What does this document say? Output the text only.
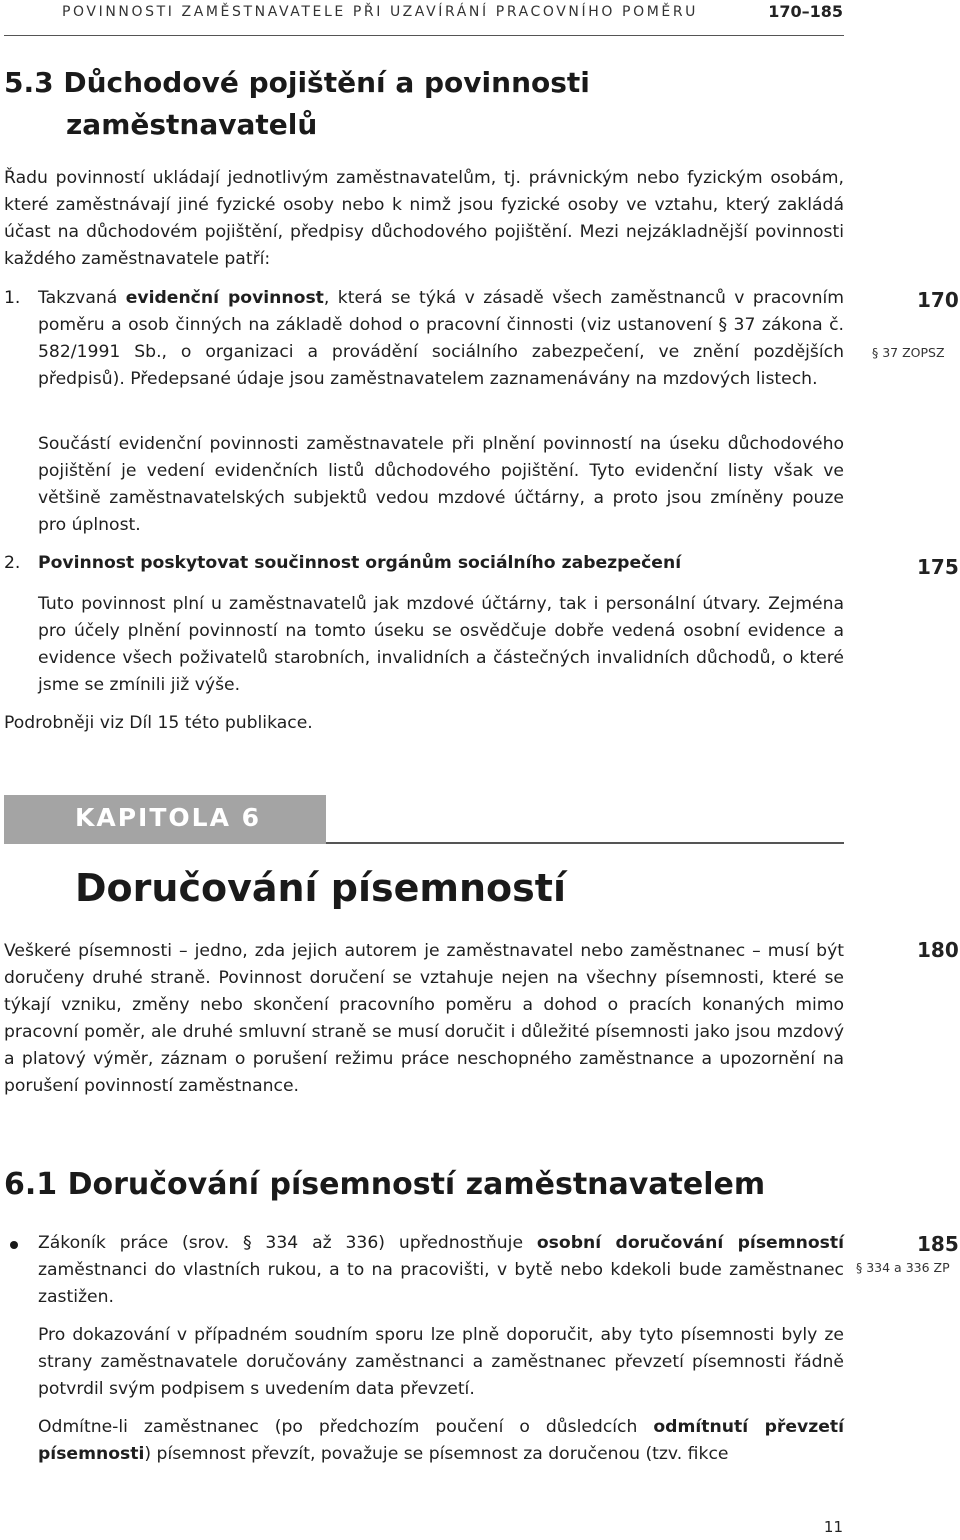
POVINNOSTI ZAMĚSTNAVATELE PŘI UZAVÍRÁNÍ PRACOVNÍHO POMĚRU	170–185
5.3 Důchodové pojištění a povinnosti
zaměstnavatelů

Řadu povinností ukládají jednotlivým zaměstnavatelům, tj. právnickým nebo fyzickým osobám, které zaměstnávají jiné fyzické osoby nebo k nimž jsou fyzické osoby ve vztahu, který zakládá účast na důchodovém pojištění, předpisy důchodového pojištění. Mezi nejzákladnější povinnosti každého zaměstnavatele patří:

1. Takzvaná evidenční povinnost, která se týká v zásadě všech zaměstnanců v pracovním poměru a osob činných na základě dohod o pracovní činnosti (viz ustanovení § 37 zákona č. 582/1991 Sb., o organizaci a provádění sociálního zabezpečení, ve znění pozdějších předpisů). Předepsané údaje jsou zaměstnavatelem zaznamenávány na mzdových listech.

Součástí evidenční povinnosti zaměstnavatele při plnění povinností na úseku důchodového pojištění je vedení evidenčních listů důchodového pojištění. Tyto evidenční listy však ve většině zaměstnavatelských subjektů vedou mzdové účtárny, a proto jsou zmíněny pouze pro úplnost.

2. Povinnost poskytovat součinnost orgánům sociálního zabezpečení

Tuto povinnost plní u zaměstnavatelů jak mzdové účtárny, tak i personální útvary. Zejména pro účely plnění povinností na tomto úseku se osvědčuje dobře vedená osobní evidence a evidence všech poživatelů starobních, invalidních a částečných invalidních důchodů, o které jsme se zmínili již výše.

Podrobněji viz Díl 15 této publikace.

170
§ 37 ZOPSZ
175
180
185
§ 334 a 336 ZP
KAPITOLA 6
Doručování písemností

Veškeré písemnosti – jedno, zda jejich autorem je zaměstnavatel nebo zaměstnanec – musí být doručeny druhé straně. Povinnost doručení se vztahuje nejen na všechny písemnosti, které se týkají vzniku, změny nebo skončení pracovního poměru a dohod o pracích konaných mimo pracovní poměr, ale druhé smluvní straně se musí doručit i důležité písemnosti jako jsou mzdový a platový výměr, záznam o porušení režimu práce neschopného zaměstnance a upozornění na porušení povinností zaměstnance.

6.1 Doručování písemností zaměstnavatelem

Zákoník práce (srov. § 334 až 336) upřednostňuje osobní doručování písemností zaměstnanci do vlastních rukou, a to na pracovišti, v bytě nebo kdekoli bude zaměstnanec zastižen.

Pro dokazování v případném soudním sporu lze plně doporučit, aby tyto písemnosti byly ze strany zaměstnavatele doručovány zaměstnanci a zaměstnanec převzetí písemnosti řádně potvrdil svým podpisem s uvedením data převzetí.

Odmítne-li zaměstnanec (po předchozím poučení o důsledcích odmítnutí převzetí písemnosti) písemnost převzít, považuje se písemnost za doručenou (tzv. fikce

11
